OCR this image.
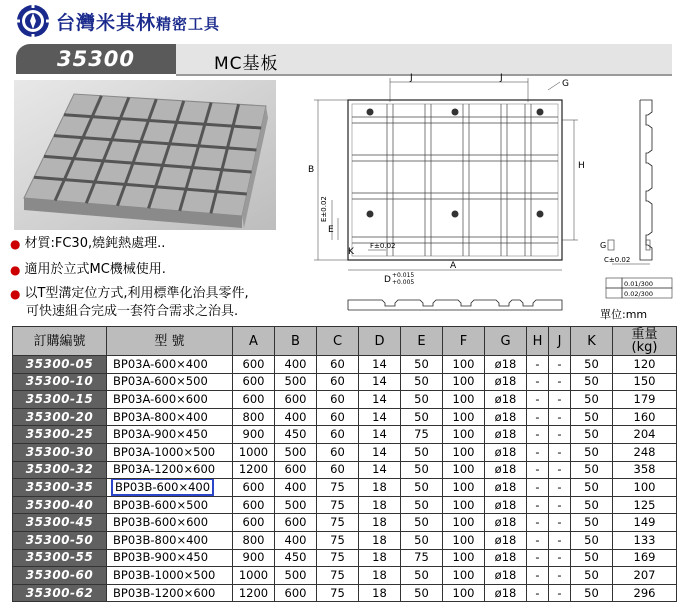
台灣米其林精密工具
35300	MC基板
● 材質:FC30,燒鈍熱處理..
● 適用於立式MC機械使用.
● 以T型溝定位方式,利用標準化治具零件,
可快速組合完成一套符合需求之治具.
J	J
G
B	H
E±0.02
E
F±0.02
K
A
D +0.015
+0.005
G
C±0.02
0.01/300
0.02/300
單位:mm
訂購編號	型 號	A	B	C	D	E	F	G	H	J	K	重量
(kg)
35300-05	BP03A-600×400	600	400	60	14	50	100	ø18	-	-	50	120
35300-10	BP03A-600×500	600	500	60	14	50	100	ø18	-	-	50	150
35300-15	BP03A-600×600	600	600	60	14	50	100	ø18	-	-	50	179
35300-20	BP03A-800×400	800	400	60	14	50	100	ø18	-	-	50	160
35300-25	BP03A-900×450	900	450	60	14	75	100	ø18	-	-	50	204
35300-30	BP03A-1000×500	1000	500	60	14	50	100	ø18	-	-	50	248
35300-32	BP03A-1200×600	1200	600	60	14	50	100	ø18	-	-	50	358
35300-35	BP03B-600×400	600	400	75	18	50	100	ø18	-	-	50	100
35300-40	BP03B-600×500	600	500	75	18	50	100	ø18	-	-	50	125
35300-45	BP03B-600×600	600	600	75	18	50	100	ø18	-	-	50	149
35300-50	BP03B-800×400	800	400	75	18	50	100	ø18	-	-	50	133
35300-55	BP03B-900×450	900	450	75	18	75	100	ø18	-	-	50	169
35300-60	BP03B-1000×500	1000	500	75	18	50	100	ø18	-	-	50	207
35300-62	BP03B-1200×600	1200	600	75	18	50	100	ø18	-	-	50	296
